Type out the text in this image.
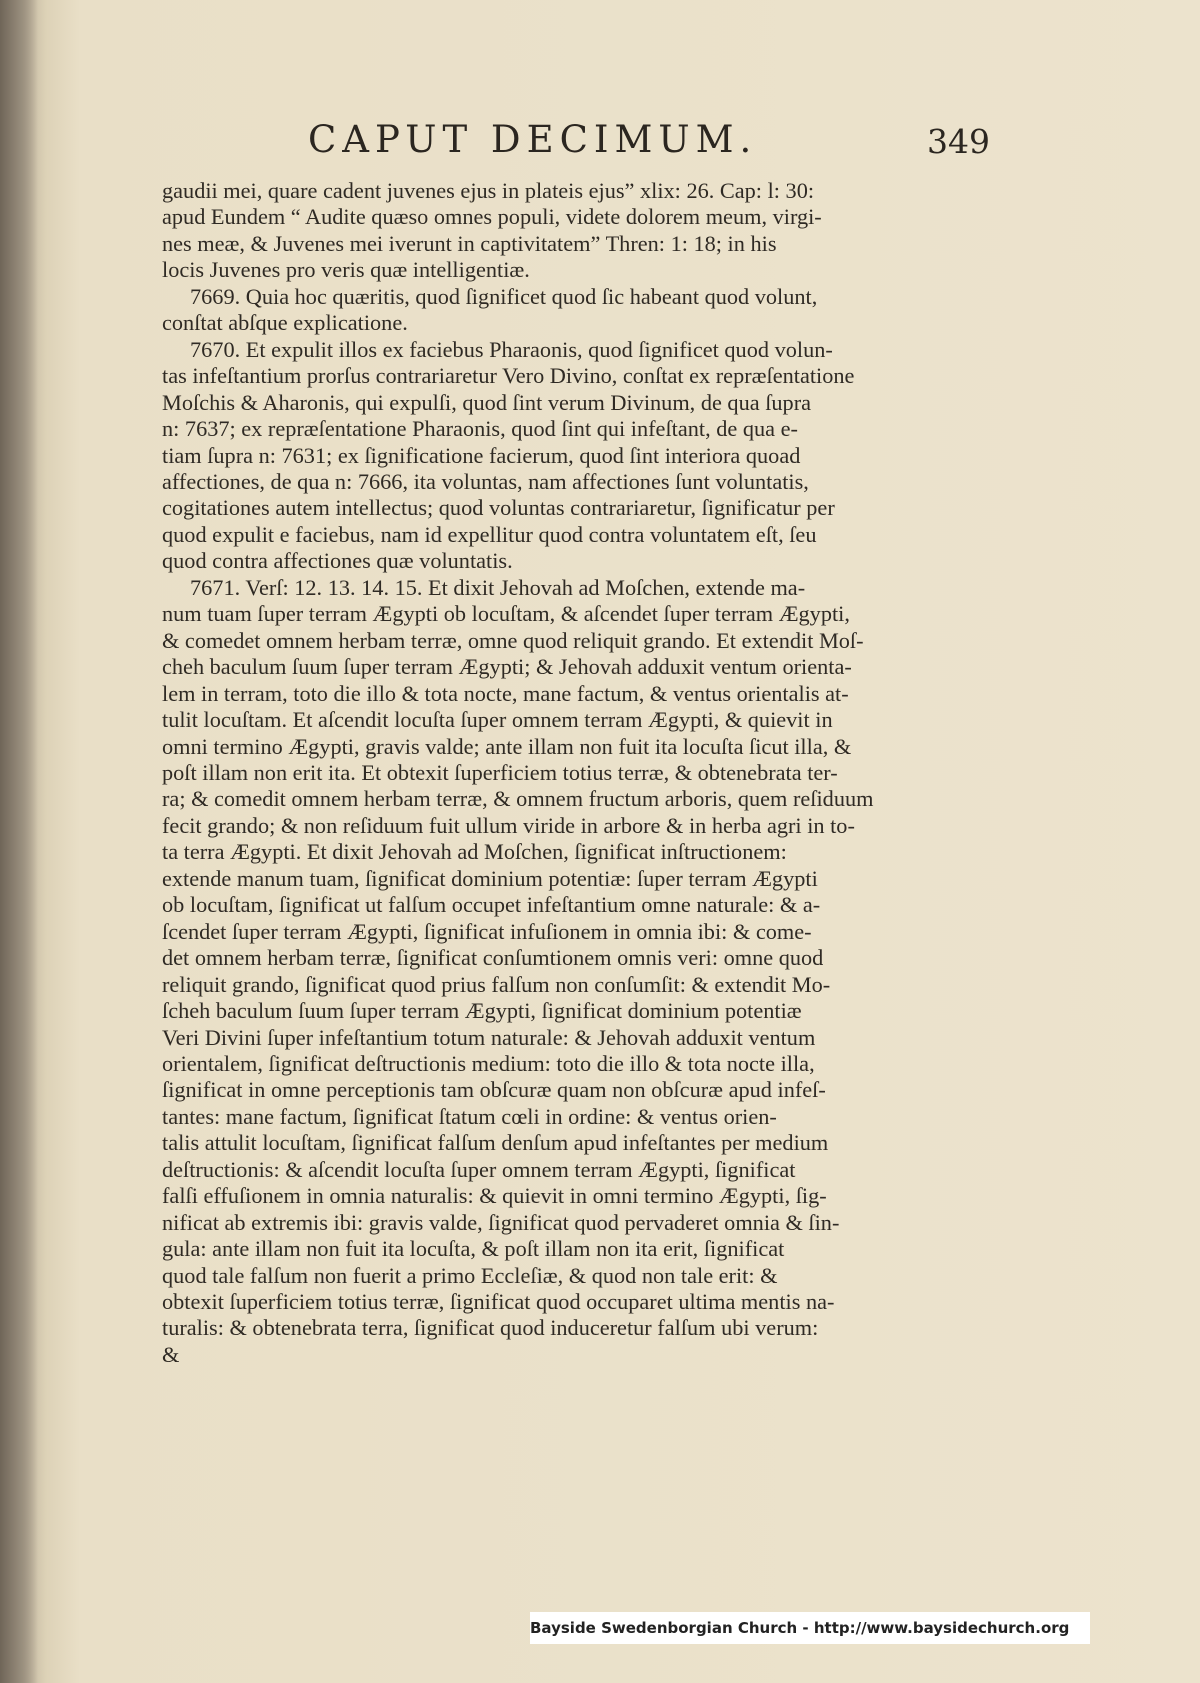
CAPUT DECIMUM.	349
gaudii mei, quare cadent juvenes ejus in plateis ejus” xlix: 26. Cap: l: 30:
apud Eundem “ Audite quæso omnes populi, videte dolorem meum, virgi-
nes meæ, & Juvenes mei iverunt in captivitatem” Thren: 1: 18; in his
locis Juvenes pro veris quæ intelligentiæ.
7669. Quia hoc quæritis, quod ſignificet quod ſic habeant quod volunt,
conſtat abſque explicatione.
7670. Et expulit illos ex faciebus Pharaonis, quod ſignificet quod volun-
tas infeſtantium prorſus contrariaretur Vero Divino, conſtat ex repræſentatione
Moſchis & Aharonis, qui expulſi, quod ſint verum Divinum, de qua ſupra
n: 7637; ex repræſentatione Pharaonis, quod ſint qui infeſtant, de qua e-
tiam ſupra n: 7631; ex ſignificatione facierum, quod ſint interiora quoad
affectiones, de qua n: 7666, ita voluntas, nam affectiones ſunt voluntatis,
cogitationes autem intellectus; quod voluntas contrariaretur, ſignificatur per
quod expulit e faciebus, nam id expellitur quod contra voluntatem eſt, ſeu
quod contra affectiones quæ voluntatis.
7671. Verſ: 12. 13. 14. 15. Et dixit Jehovah ad Moſchen, extende ma-
num tuam ſuper terram Ægypti ob locuſtam, & aſcendet ſuper terram Ægypti,
& comedet omnem herbam terræ, omne quod reliquit grando. Et extendit Moſ-
cheh baculum ſuum ſuper terram Ægypti; & Jehovah adduxit ventum orienta-
lem in terram, toto die illo & tota nocte, mane factum, & ventus orientalis at-
tulit locuſtam. Et aſcendit locuſta ſuper omnem terram Ægypti, & quievit in
omni termino Ægypti, gravis valde; ante illam non fuit ita locuſta ſicut illa, &
poſt illam non erit ita. Et obtexit ſuperficiem totius terræ, & obtenebrata ter-
ra; & comedit omnem herbam terræ, & omnem fructum arboris, quem reſiduum
fecit grando; & non reſiduum fuit ullum viride in arbore & in herba agri in to-
ta terra Ægypti. Et dixit Jehovah ad Moſchen, ſignificat inſtructionem:
extende manum tuam, ſignificat dominium potentiæ: ſuper terram Ægypti
ob locuſtam, ſignificat ut falſum occupet infeſtantium omne naturale: & a-
ſcendet ſuper terram Ægypti, ſignificat infuſionem in omnia ibi: & come-
det omnem herbam terræ, ſignificat conſumtionem omnis veri: omne quod
reliquit grando, ſignificat quod prius falſum non conſumſit: & extendit Mo-
ſcheh baculum ſuum ſuper terram Ægypti, ſignificat dominium potentiæ
Veri Divini ſuper infeſtantium totum naturale: & Jehovah adduxit ventum
orientalem, ſignificat deſtructionis medium: toto die illo & tota nocte illa,
ſignificat in omne perceptionis tam obſcuræ quam non obſcuræ apud infeſ-
tantes: mane factum, ſignificat ſtatum cœli in ordine: & ventus orien-
talis attulit locuſtam, ſignificat falſum denſum apud infeſtantes per medium
deſtructionis: & aſcendit locuſta ſuper omnem terram Ægypti, ſignificat
falſi effuſionem in omnia naturalis: & quievit in omni termino Ægypti, ſig-
nificat ab extremis ibi: gravis valde, ſignificat quod pervaderet omnia & ſin-
gula: ante illam non fuit ita locuſta, & poſt illam non ita erit, ſignificat
quod tale falſum non fuerit a primo Eccleſiæ, & quod non tale erit: &
obtexit ſuperficiem totius terræ, ſignificat quod occuparet ultima mentis na-
turalis: & obtenebrata terra, ſignificat quod induceretur falſum ubi verum:
&
Bayside Swedenborgian Church - http://www.baysidechurch.org
